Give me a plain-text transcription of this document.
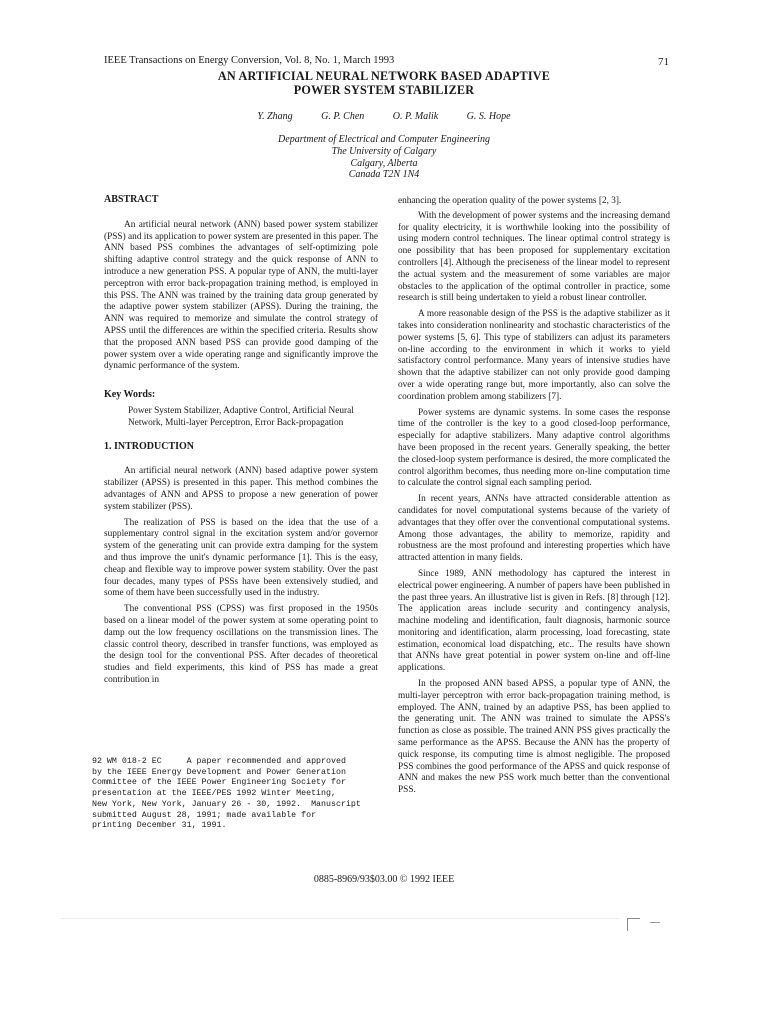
IEEE Transactions on Energy Conversion, Vol. 8, No. 1, March 1993	71
AN ARTIFICIAL NEURAL NETWORK BASED ADAPTIVE
POWER SYSTEM STABILIZER
Y. Zhang	G. P. Chen	O. P. Malik	G. S. Hope
Department of Electrical and Computer Engineering
The University of Calgary
Calgary, Alberta
Canada T2N 1N4

ABSTRACT

An artificial neural network (ANN) based power system stabilizer (PSS) and its application to power system are presented in this paper. The ANN based PSS combines the advantages of self-optimizing pole shifting adaptive control strategy and the quick response of ANN to introduce a new generation PSS. A popular type of ANN, the multi-layer perceptron with error back-propagation training method, is employed in this PSS. The ANN was trained by the training data group generated by the adaptive power system stabilizer (APSS). During the training, the ANN was required to memorize and simulate the control strategy of APSS until the differences are within the specified criteria. Results show that the proposed ANN based PSS can provide good damping of the power system over a wide operating range and significantly improve the dynamic performance of the system.

Key Words:

Power System Stabilizer, Adaptive Control, Artificial Neural Network, Multi-layer Perceptron, Error Back-propagation

1. INTRODUCTION

An artificial neural network (ANN) based adaptive power system stabilizer (APSS) is presented in this paper. This method combines the advantages of ANN and APSS to propose a new generation of power system stabilizer (PSS).

The realization of PSS is based on the idea that the use of a supplementary control signal in the excitation system and/or governor system of the generating unit can provide extra damping for the system and thus improve the unit's dynamic performance [1]. This is the easy, cheap and flexible way to improve power system stability. Over the past four decades, many types of PSSs have been extensively studied, and some of them have been successfully used in the industry.

The conventional PSS (CPSS) was first proposed in the 1950s based on a linear model of the power system at some operating point to damp out the low frequency oscillations on the transmission lines. The classic control theory, described in transfer functions, was employed as the design tool for the conventional PSS. After decades of theoretical studies and field experiments, this kind of PSS has made a great contribution in

92 WM 018-2 EC     A paper recommended and approved
by the IEEE Energy Development and Power Generation
Committee of the IEEE Power Engineering Society for
presentation at the IEEE/PES 1992 Winter Meeting,
New York, New York, January 26 - 30, 1992.  Manuscript
submitted August 28, 1991; made available for
printing December 31, 1991.

enhancing the operation quality of the power systems [2, 3].

With the development of power systems and the increasing demand for quality electricity, it is worthwhile looking into the possibility of using modern control techniques. The linear optimal control strategy is one possibility that has been proposed for supplementary excitation controllers [4]. Although the preciseness of the linear model to represent the actual system and the measurement of some variables are major obstacles to the application of the optimal controller in practice, some research is still being undertaken to yield a robust linear controller.

A more reasonable design of the PSS is the adaptive stabilizer as it takes into consideration nonlinearity and stochastic characteristics of the power systems [5, 6]. This type of stabilizers can adjust its parameters on-line according to the environment in which it works to yield satisfactory control performance. Many years of intensive studies have shown that the adaptive stabilizer can not only provide good damping over a wide operating range but, more importantly, also can solve the coordination problem among stabilizers [7].

Power systems are dynamic systems. In some cases the response time of the controller is the key to a good closed-loop performance, especially for adaptive stabilizers. Many adaptive control algorithms have been proposed in the recent years. Generally speaking, the better the closed-loop system performance is desired, the more complicated the control algorithm becomes, thus needing more on-line computation time to calculate the control signal each sampling period.

In recent years, ANNs have attracted considerable attention as candidates for novel computational systems because of the variety of advantages that they offer over the conventional computational systems. Among those advantages, the ability to memorize, rapidity and robustness are the most profound and interesting properties which have attracted attention in many fields.

Since 1989, ANN methodology has captured the interest in electrical power engineering. A number of papers have been published in the past three years. An illustrative list is given in Refs. [8] through [12]. The application areas include security and contingency analysis, machine modeling and identification, fault diagnosis, harmonic source monitoring and identification, alarm processing, load forecasting, state estimation, economical load dispatching, etc.. The results have shown that ANNs have great potential in power system on-line and off-line applications.

In the proposed ANN based APSS, a popular type of ANN, the multi-layer perceptron with error back-propagation training method, is employed. The ANN, trained by an adaptive PSS, has been applied to the generating unit. The ANN was trained to simulate the APSS's function as close as possible. The trained ANN PSS gives practically the same performance as the APSS. Because the ANN has the property of quick response, its computing time is almost negligible. The proposed PSS combines the good performance of the APSS and quick response of ANN and makes the new PSS work much better than the conventional PSS.

0885-8969/93$03.00 © 1992 IEEE
